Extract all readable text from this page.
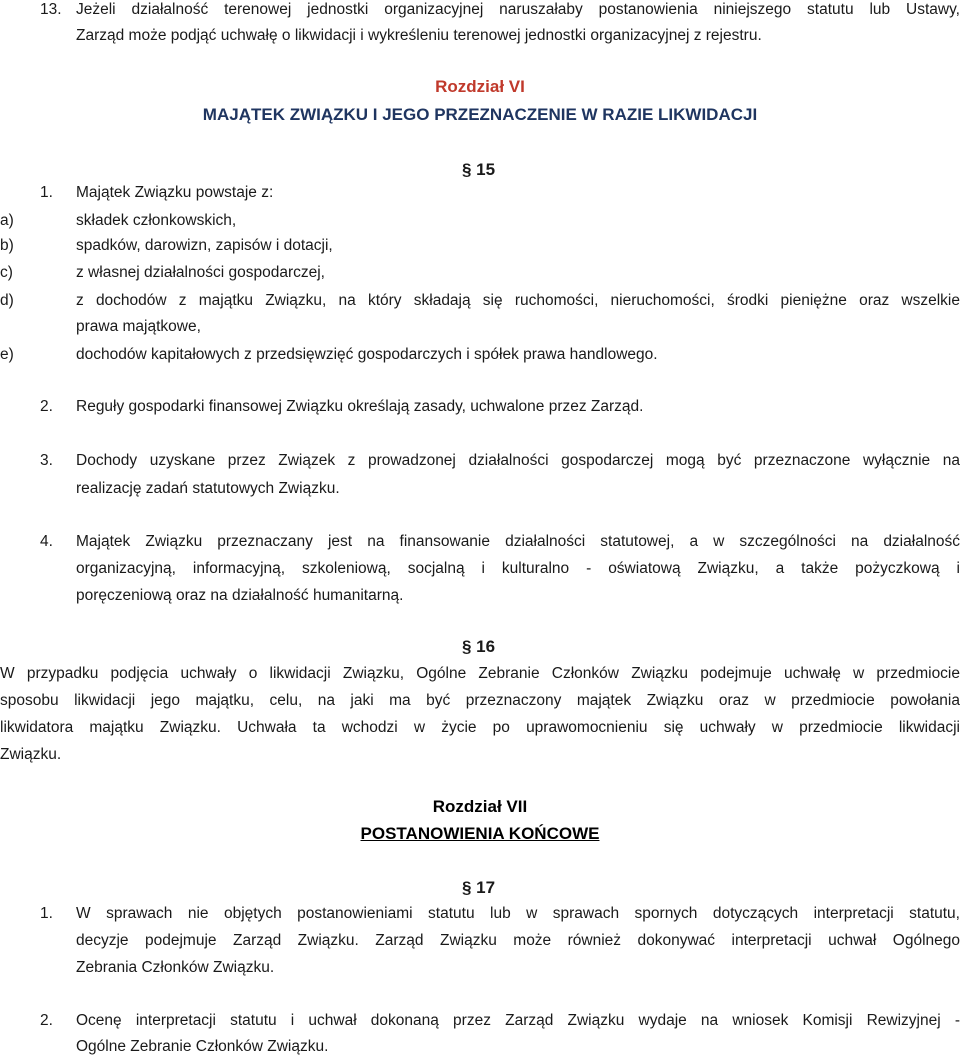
13. Jeżeli działalność terenowej jednostki organizacyjnej naruszałaby postanowienia niniejszego statutu lub Ustawy,
Zarząd może podjąć uchwałę o likwidacji i wykreśleniu terenowej jednostki organizacyjnej z rejestru.
Rozdział VI
MAJĄTEK ZWIĄZKU I JEGO PRZEZNACZENIE W RAZIE LIKWIDACJI
§ 15
1. Majątek Związku powstaje z:
a)	składek członkowskich,
b)	spadków, darowizn, zapisów i dotacji,
c)	z własnej działalności gospodarczej,
d)	z dochodów z majątku Związku, na który składają się ruchomości, nieruchomości, środki pieniężne oraz wszelkie
prawa majątkowe,
e)	dochodów kapitałowych z przedsięwzięć gospodarczych i spółek prawa handlowego.
2. Reguły gospodarki finansowej Związku określają zasady, uchwalone przez Zarząd.
3. Dochody uzyskane przez Związek z prowadzonej działalności gospodarczej mogą być przeznaczone wyłącznie na
realizację zadań statutowych Związku.
4. Majątek Związku przeznaczany jest na finansowanie działalności statutowej, a w szczególności na działalność
organizacyjną, informacyjną, szkoleniową, socjalną i kulturalno - oświatową Związku, a także pożyczkową i
poręczeniową oraz na działalność humanitarną.
§ 16
W przypadku podjęcia uchwały o likwidacji Związku, Ogólne Zebranie Członków Związku podejmuje uchwałę w przedmiocie
sposobu likwidacji jego majątku, celu, na jaki ma być przeznaczony majątek Związku oraz w przedmiocie powołania
likwidatora majątku Związku. Uchwała ta wchodzi w życie po uprawomocnieniu się uchwały w przedmiocie likwidacji
Związku.
Rozdział VII
POSTANOWIENIA KOŃCOWE
§ 17
1. W sprawach nie objętych postanowieniami statutu lub w sprawach spornych dotyczących interpretacji statutu,
decyzje podejmuje Zarząd Związku. Zarząd Związku może również dokonywać interpretacji uchwał Ogólnego
Zebrania Członków Związku.
2. Ocenę interpretacji statutu i uchwał dokonaną przez Zarząd Związku wydaje na wniosek Komisji Rewizyjnej -
Ogólne Zebranie Członków Związku.
